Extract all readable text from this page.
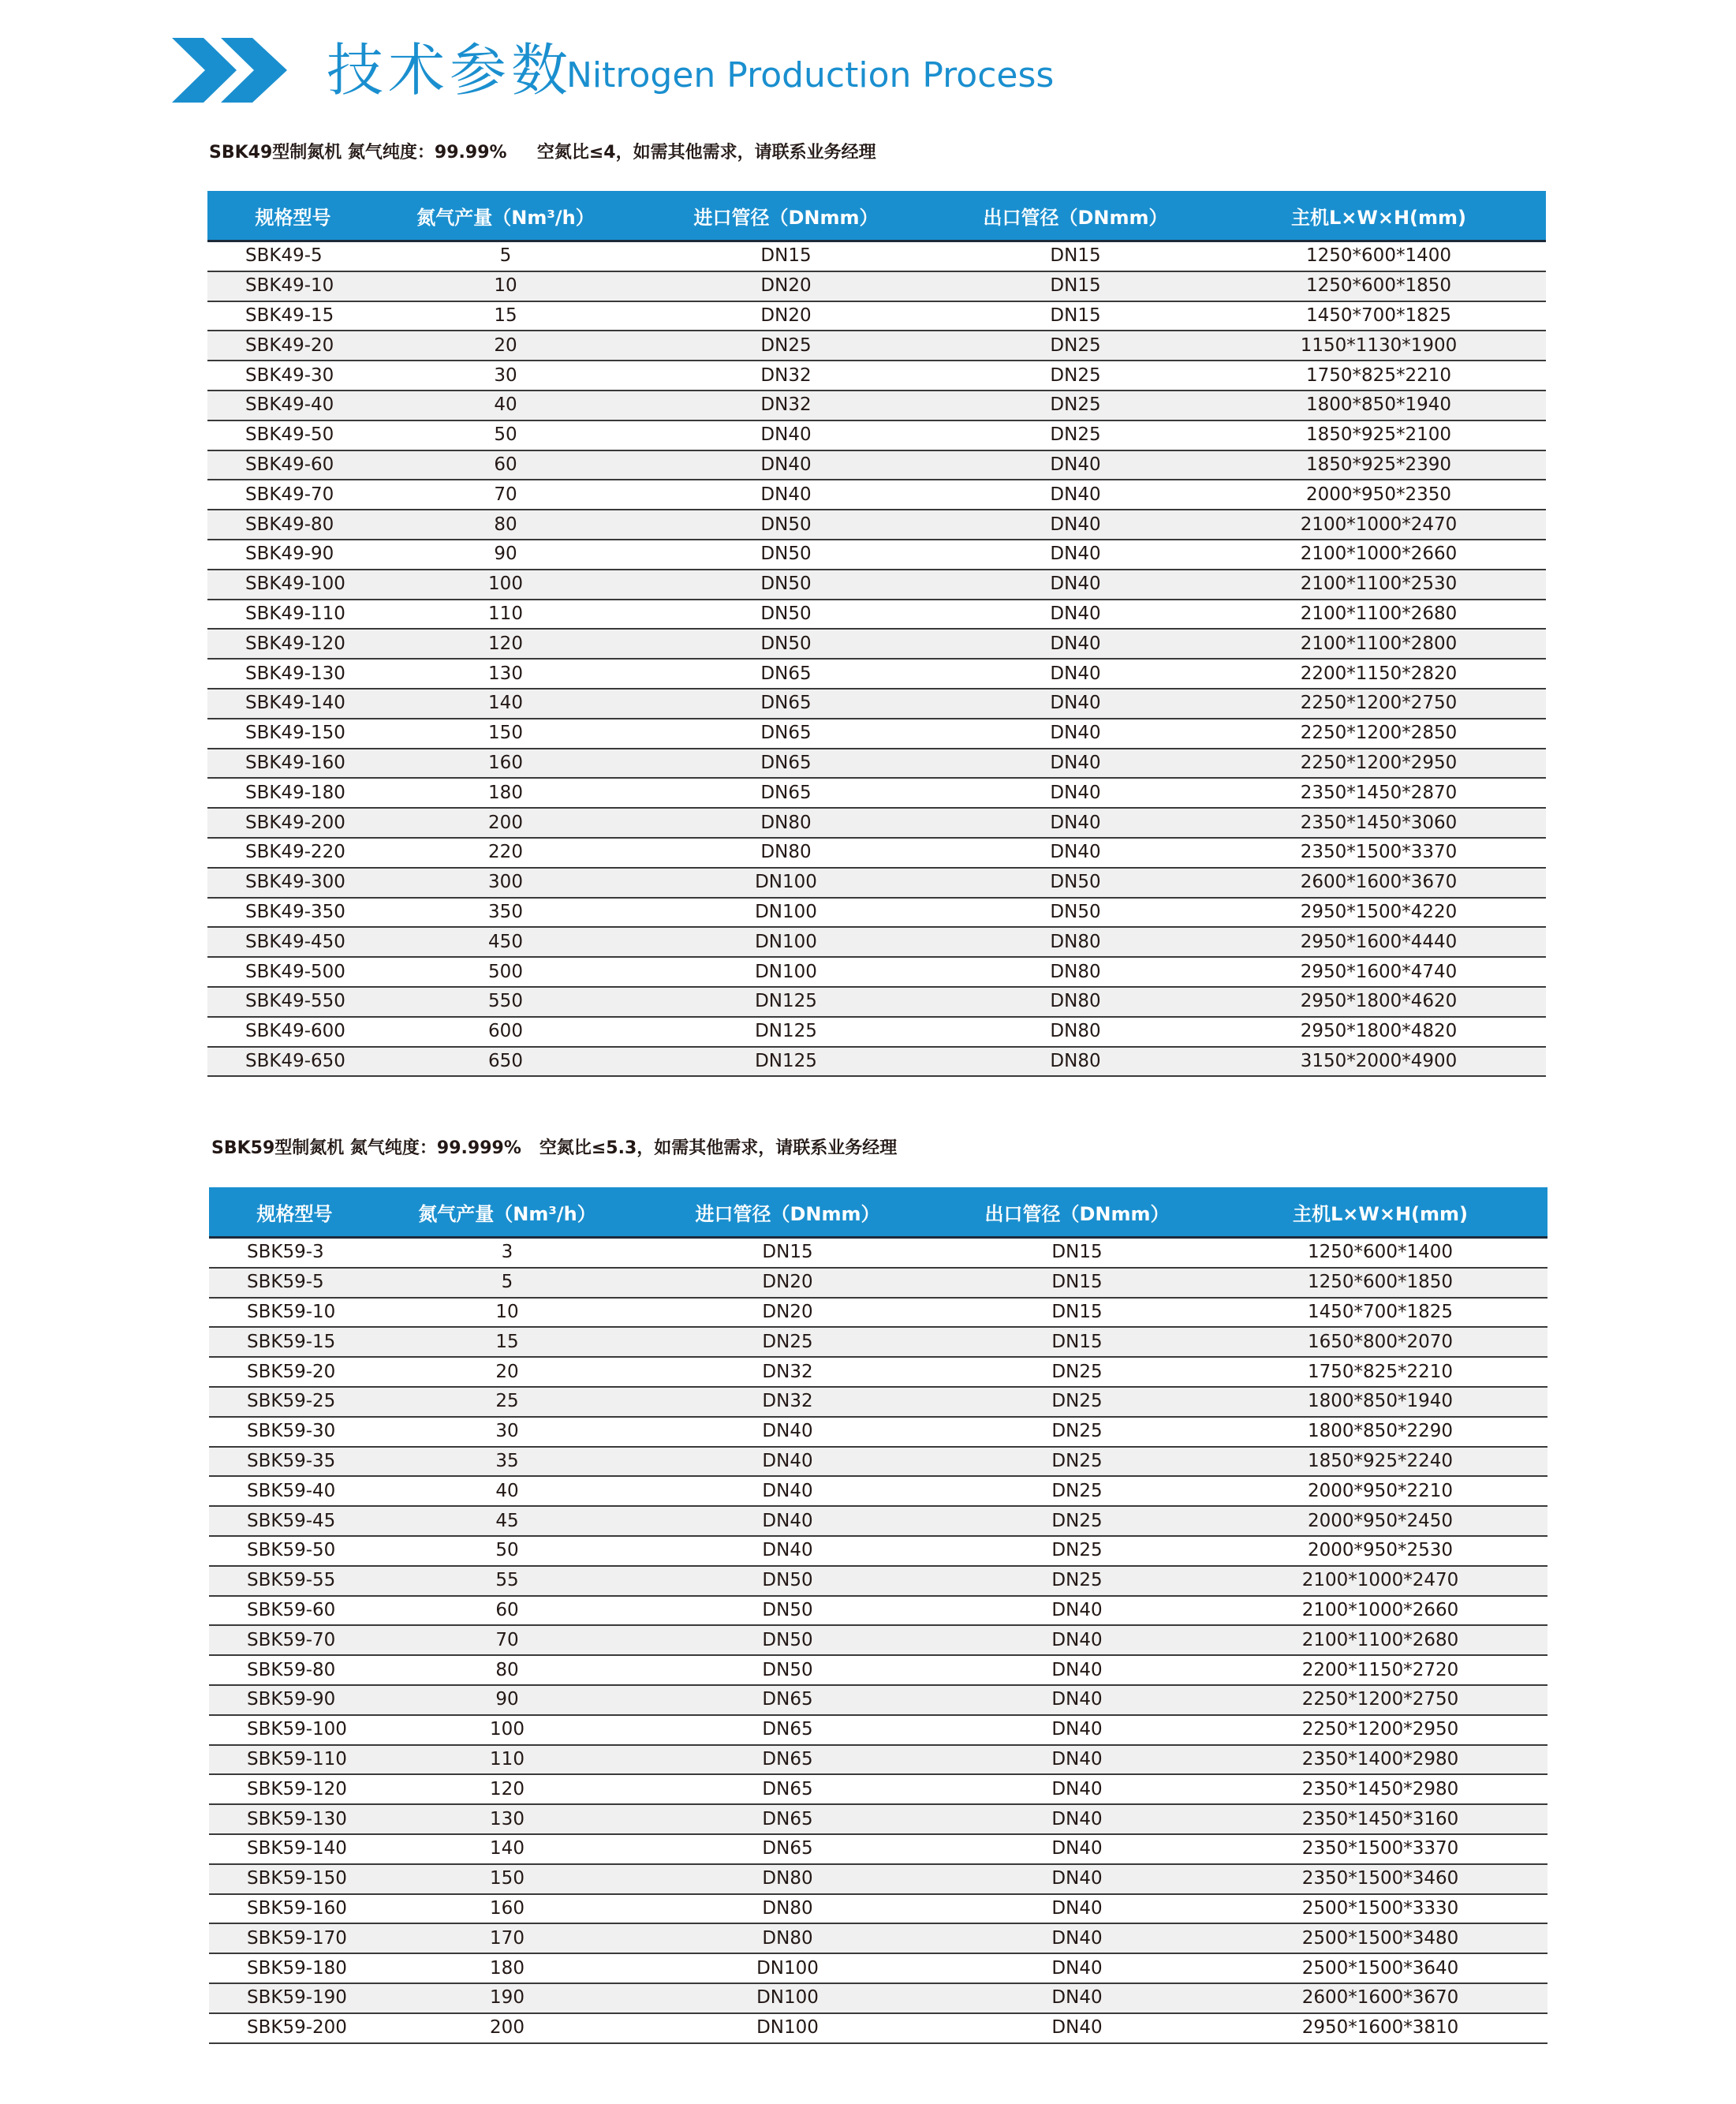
技术参数
Nitrogen Production Process
SBK49型制氮机 氮气纯度：99.99%     空氮比≤4，如需其他需求，请联系业务经理
规格型号	氮气产量（Nm³/h）	进口管径（DNmm）	出口管径（DNmm）	主机L×W×H(mm)
SBK49-5	5	DN15	DN15	1250*600*1400
SBK49-10	10	DN20	DN15	1250*600*1850
SBK49-15	15	DN20	DN15	1450*700*1825
SBK49-20	20	DN25	DN25	1150*1130*1900
SBK49-30	30	DN32	DN25	1750*825*2210
SBK49-40	40	DN32	DN25	1800*850*1940
SBK49-50	50	DN40	DN25	1850*925*2100
SBK49-60	60	DN40	DN40	1850*925*2390
SBK49-70	70	DN40	DN40	2000*950*2350
SBK49-80	80	DN50	DN40	2100*1000*2470
SBK49-90	90	DN50	DN40	2100*1000*2660
SBK49-100	100	DN50	DN40	2100*1100*2530
SBK49-110	110	DN50	DN40	2100*1100*2680
SBK49-120	120	DN50	DN40	2100*1100*2800
SBK49-130	130	DN65	DN40	2200*1150*2820
SBK49-140	140	DN65	DN40	2250*1200*2750
SBK49-150	150	DN65	DN40	2250*1200*2850
SBK49-160	160	DN65	DN40	2250*1200*2950
SBK49-180	180	DN65	DN40	2350*1450*2870
SBK49-200	200	DN80	DN40	2350*1450*3060
SBK49-220	220	DN80	DN40	2350*1500*3370
SBK49-300	300	DN100	DN50	2600*1600*3670
SBK49-350	350	DN100	DN50	2950*1500*4220
SBK49-450	450	DN100	DN80	2950*1600*4440
SBK49-500	500	DN100	DN80	2950*1600*4740
SBK49-550	550	DN125	DN80	2950*1800*4620
SBK49-600	600	DN125	DN80	2950*1800*4820
SBK49-650	650	DN125	DN80	3150*2000*4900
SBK59型制氮机 氮气纯度：99.999%   空氮比≤5.3，如需其他需求，请联系业务经理
规格型号	氮气产量（Nm³/h）	进口管径（DNmm）	出口管径（DNmm）	主机L×W×H(mm)
SBK59-3	3	DN15	DN15	1250*600*1400
SBK59-5	5	DN20	DN15	1250*600*1850
SBK59-10	10	DN20	DN15	1450*700*1825
SBK59-15	15	DN25	DN15	1650*800*2070
SBK59-20	20	DN32	DN25	1750*825*2210
SBK59-25	25	DN32	DN25	1800*850*1940
SBK59-30	30	DN40	DN25	1800*850*2290
SBK59-35	35	DN40	DN25	1850*925*2240
SBK59-40	40	DN40	DN25	2000*950*2210
SBK59-45	45	DN40	DN25	2000*950*2450
SBK59-50	50	DN40	DN25	2000*950*2530
SBK59-55	55	DN50	DN25	2100*1000*2470
SBK59-60	60	DN50	DN40	2100*1000*2660
SBK59-70	70	DN50	DN40	2100*1100*2680
SBK59-80	80	DN50	DN40	2200*1150*2720
SBK59-90	90	DN65	DN40	2250*1200*2750
SBK59-100	100	DN65	DN40	2250*1200*2950
SBK59-110	110	DN65	DN40	2350*1400*2980
SBK59-120	120	DN65	DN40	2350*1450*2980
SBK59-130	130	DN65	DN40	2350*1450*3160
SBK59-140	140	DN65	DN40	2350*1500*3370
SBK59-150	150	DN80	DN40	2350*1500*3460
SBK59-160	160	DN80	DN40	2500*1500*3330
SBK59-170	170	DN80	DN40	2500*1500*3480
SBK59-180	180	DN100	DN40	2500*1500*3640
SBK59-190	190	DN100	DN40	2600*1600*3670
SBK59-200	200	DN100	DN40	2950*1600*3810
